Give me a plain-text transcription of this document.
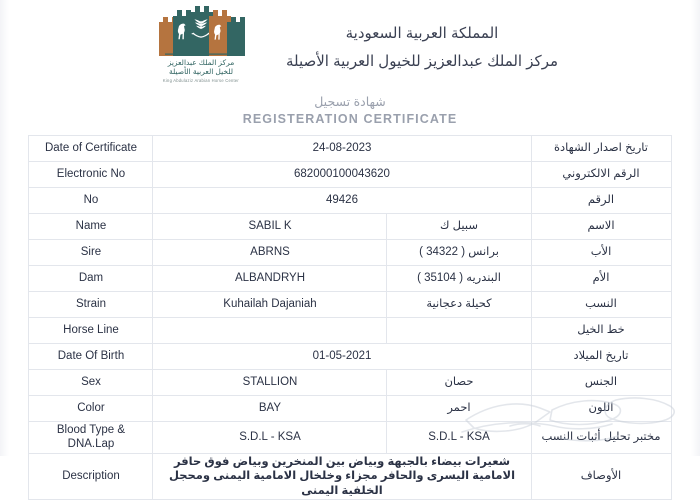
مركز الملك عبدالعزيز
للخيل العربية الأصيلة
King Abdulaziz Arabian Horse Center
المملكة العربية السعودية
مركز الملك عبدالعزيز للخيول العربية الأصيلة
شهادة تسجيل
REGISTERATION CERTIFICATE
Date of Certificate	24-08-2023		تاريخ اصدار الشهادة
Electronic No	682000100043620		الرقم الالكتروني
No	49426		الرقم
Name	SABIL K	سبيل ك	الاسم
Sire	ABRNS	برانس ( 34322 )	الأب
Dam	ALBANDRYH	البندريه ( 35104 )	الأم
Strain	Kuhailah Dajaniah	كحيلة دعجانية	النسب
Horse Line			خط الخيل
Date Of Birth	01-05-2021		تاريخ الميلاد
Sex	STALLION	حصان	الجنس
Color	BAY	احمر	اللون
Blood Type & DNA.Lap	S.D.L - KSA	S.D.L - KSA	مختبر تحليل أثبات النسب
Description	شعيرات بيضاء بالجبهة وبياض بين المنخرين وبياض فوق حافر الامامية اليسرى والحافر مجزاء وخلخال الامامية اليمنى ومحجل الخلفية اليمنى		الأوصاف
